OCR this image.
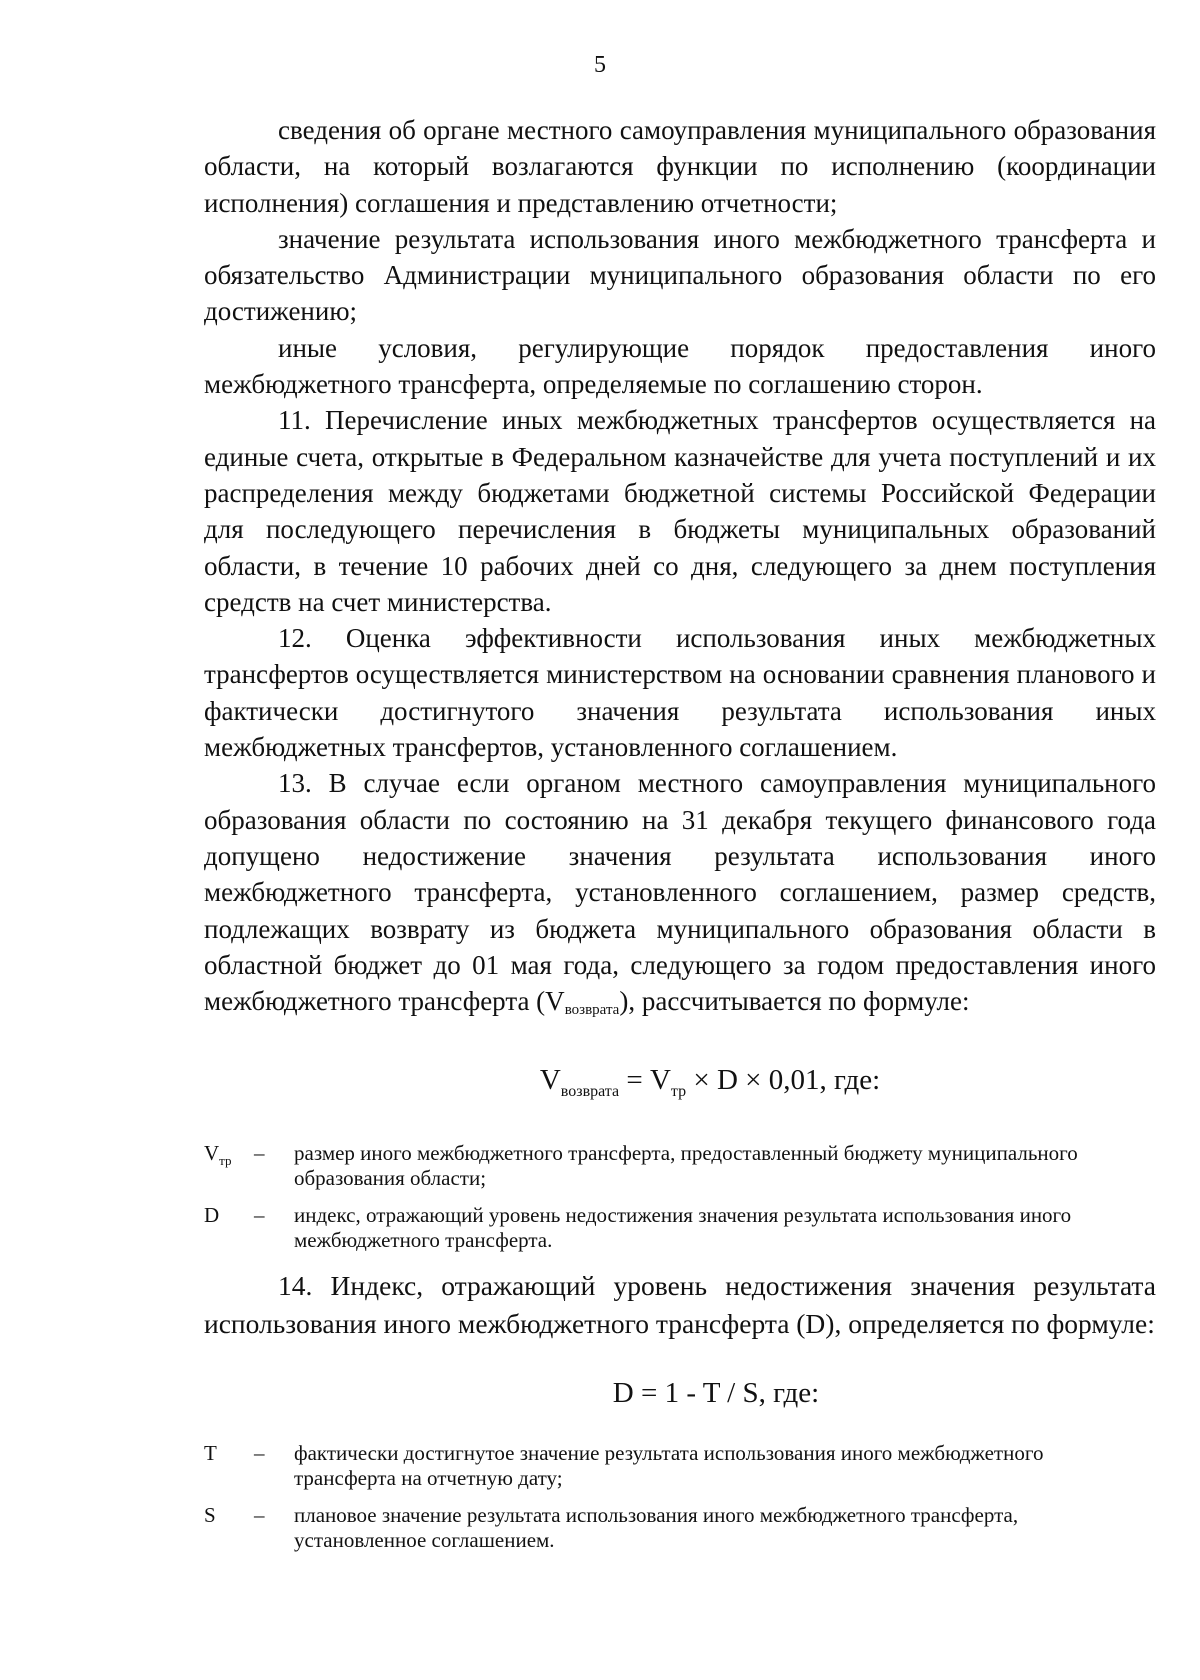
5

сведения об органе местного самоуправления муниципального образования области, на который возлагаются функции по исполнению (координации исполнения) соглашения и представлению отчетности;

значение результата использования иного межбюджетного трансферта и обязательство Администрации муниципального образования области по его достижению;

иные условия, регулирующие порядок предоставления иного межбюджетного трансферта, определяемые по соглашению сторон.

11. Перечисление иных межбюджетных трансфертов осуществляется на единые счета, открытые в Федеральном казначействе для учета поступлений и их распределения между бюджетами бюджетной системы Российской Федерации для последующего перечисления в бюджеты муниципальных образований области, в течение 10 рабочих дней со дня, следующего за днем поступления средств на счет министерства.

12. Оценка эффективности использования иных межбюджетных трансфертов осуществляется министерством на основании сравнения планового и фактически достигнутого значения результата использования иных межбюджетных трансфертов, установленного соглашением.

13. В случае если органом местного самоуправления муниципального образования области по состоянию на 31 декабря текущего финансового года допущено недостижение значения результата использования иного межбюджетного трансферта, установленного соглашением, размер средств, подлежащих возврату из бюджета муниципального образования области в областной бюджет до 01 мая года, следующего за годом предоставления иного межбюджетного трансферта $(V_{возврата})$, рассчитывается по формуле:

$V_{возврата} = V_{тр} \times D \times 0,01$, где:

$V_{тр}$	–	размер иного межбюджетного трансферта, предоставленный бюджету муниципального образования области;
D	–	индекс, отражающий уровень недостижения значения результата использования иного межбюджетного трансферта.

14. Индекс, отражающий уровень недостижения значения результата использования иного межбюджетного трансферта (D), определяется по формуле:

D = 1 - T / S, где:

T	–	фактически достигнутое значение результата использования иного межбюджетного трансферта на отчетную дату;
S	–	плановое значение результата использования иного межбюджетного трансферта, установленное соглашением.
